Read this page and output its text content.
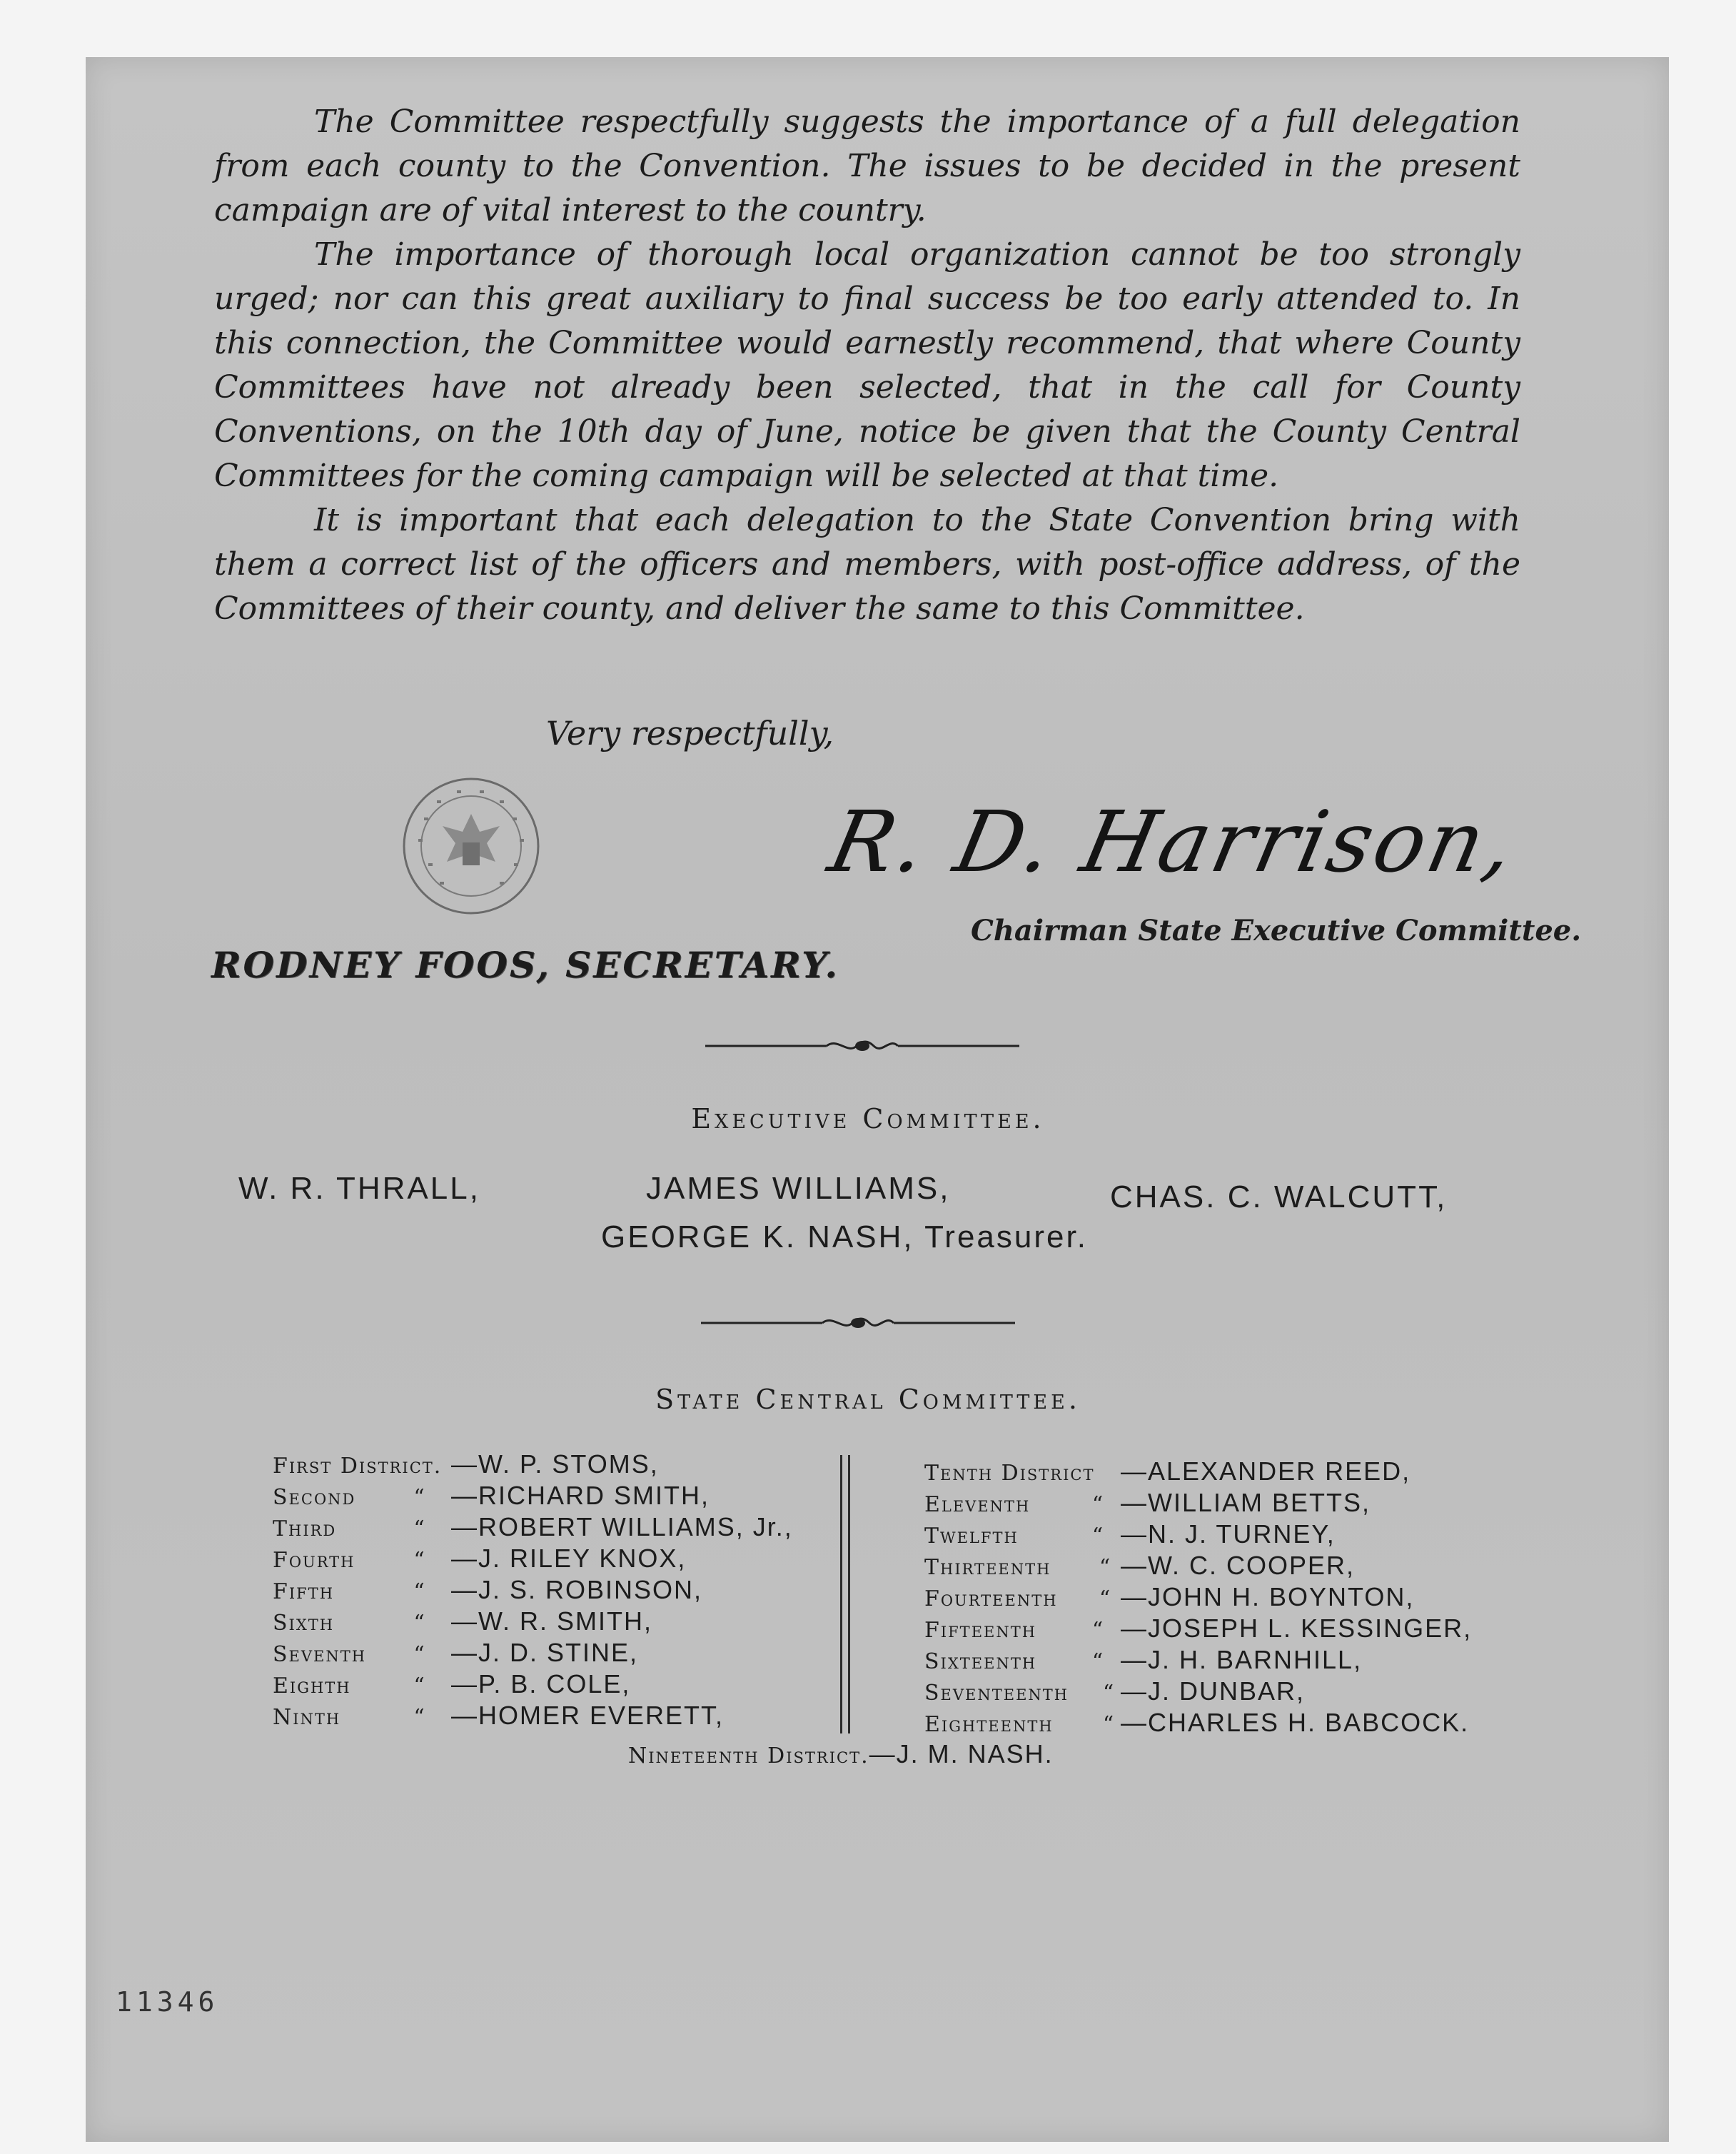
The Committee respectfully suggests the importance of a full delegation from each county to the Convention. The issues to be decided in the present campaign are of vital interest to the country.

The importance of thorough local organization cannot be too strongly urged; nor can this great auxiliary to final success be too early attended to. In this connection, the Committee would earnestly recommend, that where County Committees have not already been selected, that in the call for County Conventions, on the 10th day of June, notice be given that the County Central Committees for the coming campaign will be selected at that time.

It is important that each delegation to the State Convention bring with them a correct list of the officers and members, with post-office address, of the Committees of their county, and deliver the same to this Committee.

Very respectfully,
R. D. Harrison,
Chairman State Executive Committee.
RODNEY FOOS, SECRETARY.
Executive Committee.
W. R. THRALL,	JAMES WILLIAMS,	CHAS. C. WALCUTT,
GEORGE K. NASH, Treasurer.
State Central Committee.
First District. —W. P. STOMS,
Second	“	—RICHARD SMITH,
Third	“	—ROBERT WILLIAMS, Jr.,
Fourth	“	—J. RILEY KNOX,
Fifth	“	—J. S. ROBINSON,
Sixth	“	—W. R. SMITH,
Seventh	“	—J. D. STINE,
Eighth	“	—P. B. COLE,
Ninth	“	—HOMER EVERETT,
Tenth District	—ALEXANDER REED,
Eleventh	“ —WILLIAM BETTS,
Twelfth	“ —N. J. TURNEY,
Thirteenth	“ —W. C. COOPER,
Fourteenth	“ —JOHN H. BOYNTON,
Fifteenth	“ —JOSEPH L. KESSINGER,
Sixteenth	“ —J. H. BARNHILL,
Seventeenth	“ —J. DUNBAR,
Eighteenth	“ —CHARLES H. BABCOCK.
Nineteenth District.—J. M. NASH.
11346
